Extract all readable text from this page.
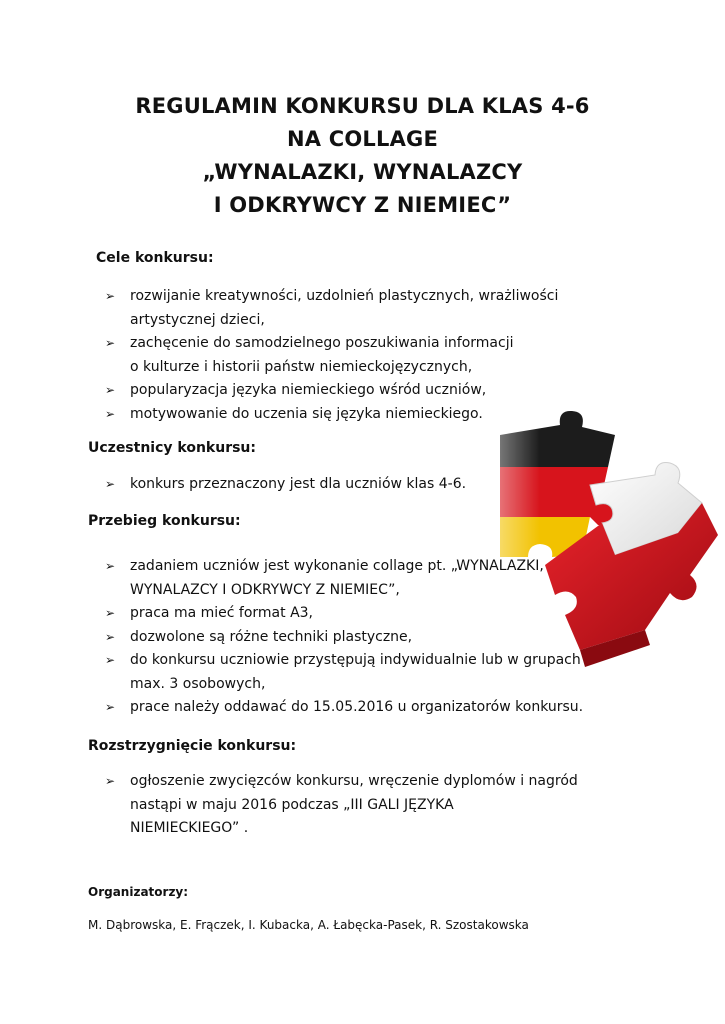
REGULAMIN KONKURSU DLA KLAS 4-6
NA COLLAGE
„WYNALAZKI, WYNALAZCY
I ODKRYWCY Z NIEMIEC”
Cele konkursu:
➢ rozwijanie kreatywności, uzdolnień plastycznych, wrażliwości
artystycznej dzieci,
➢ zachęcenie do samodzielnego poszukiwania informacji
o kulturze i historii państw niemieckojęzycznych,
➢ popularyzacja języka niemieckiego wśród uczniów,
➢ motywowanie do uczenia się języka niemieckiego.
Uczestnicy konkursu:
➢ konkurs przeznaczony jest dla uczniów klas 4-6.
Przebieg konkursu:
➢ zadaniem uczniów jest wykonanie collage pt. „WYNALAZKI,
WYNALAZCY I ODKRYWCY Z NIEMIEC”,
➢ praca ma mieć format A3,
➢ dozwolone są różne techniki plastyczne,
➢ do konkursu uczniowie przystępują indywidualnie lub w grupach
max. 3 osobowych,
➢ prace należy oddawać do 15.05.2016 u organizatorów konkursu.
Rozstrzygnięcie konkursu:
➢ ogłoszenie zwycięzców konkursu, wręczenie dyplomów i nagród
nastąpi w maju 2016 podczas „III GALI JĘZYKA
NIEMIECKIEGO” .
Organizatorzy:
M. Dąbrowska, E. Frączek, I. Kubacka, A. Łabęcka-Pasek, R. Szostakowska
